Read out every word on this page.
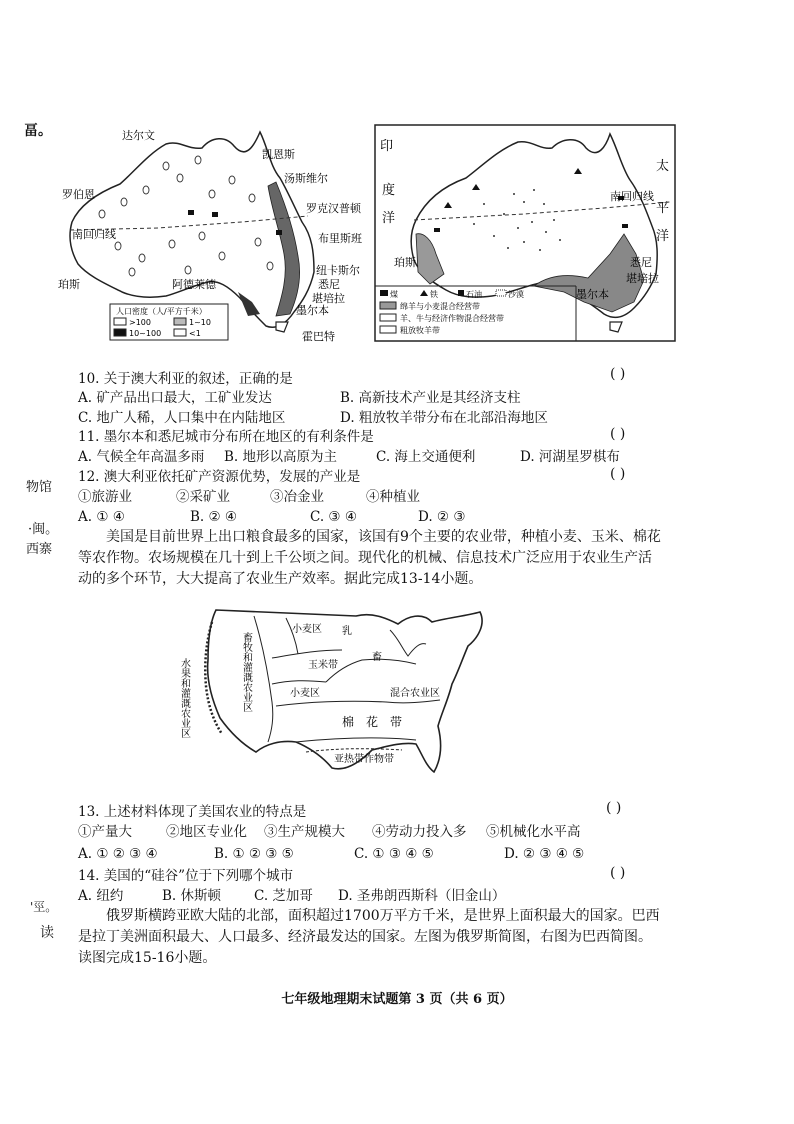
畐。
物馆
·闽。
西寨
'巠。
读
达尔文
凯恩斯
汤斯维尔
罗伯恩
罗克汉普顿
南回归线	布里斯班
纽卡斯尔
悉尼
堪培拉
珀斯	阿德莱德
墨尔本
霍巴特
人口密度（人/平方千米）
>100	1~10
10~100	<1
印
度
洋
太
平
洋
南回归线
珀斯	悉尼
墨尔本
堪培拉
煤	铁	石油	沙漠
绵羊与小麦混合经营带
羊、牛与经济作物混合经营带
粗放牧羊带
10. 关于澳大利亚的叙述，正确的是	( )
A. 矿产品出口最大，工矿业发达	B. 高新技术产业是其经济支柱
C. 地广人稀，人口集中在内陆地区	D. 粗放牧羊带分布在北部沿海地区
11. 墨尔本和悉尼城市分布所在地区的有利条件是	( )
A. 气候全年高温多雨 B. 地形以高原为主	C. 海上交通便利	D. 河湖星罗棋布
12. 澳大利亚依托矿产资源优势，发展的产业是	( )
①旅游业	②采矿业	③冶金业	④种植业
A. ① ④	B. ② ④	C. ③ ④	D. ② ③
美国是目前世界上出口粮食最多的国家，该国有9个主要的农业带，种植小麦、玉米、棉花
等农作物。农场规模在几十到上千公顷之间。现代化的机械、信息技术广泛应用于农业生产活
动的多个环节，大大提高了农业生产效率。据此完成13-14小题。
畜牧和灌溉农业区
小麦区 乳
畜
玉米带
小麦区	混合农业区
棉花带
亚热带作物带
水果和灌溉农业区
13. 上述材料体现了美国农业的特点是	( )
①产量大	②地区专业化 ③生产规模大 ④劳动力投入多 ⑤机械化水平高
A. ① ② ③ ④	B. ① ② ③ ⑤	C. ① ③ ④ ⑤	D. ② ③ ④ ⑤
14. 美国的“硅谷”位于下列哪个城市	( )
A. 纽约	B. 休斯顿 C. 芝加哥 D. 圣弗朗西斯科（旧金山）
俄罗斯横跨亚欧大陆的北部，面积超过1700万平方千米，是世界上面积最大的国家。巴西
是拉丁美洲面积最大、人口最多、经济最发达的国家。左图为俄罗斯简图，右图为巴西简图。
读图完成15-16小题。
七年级地理期末试题第 3 页（共 6 页）
